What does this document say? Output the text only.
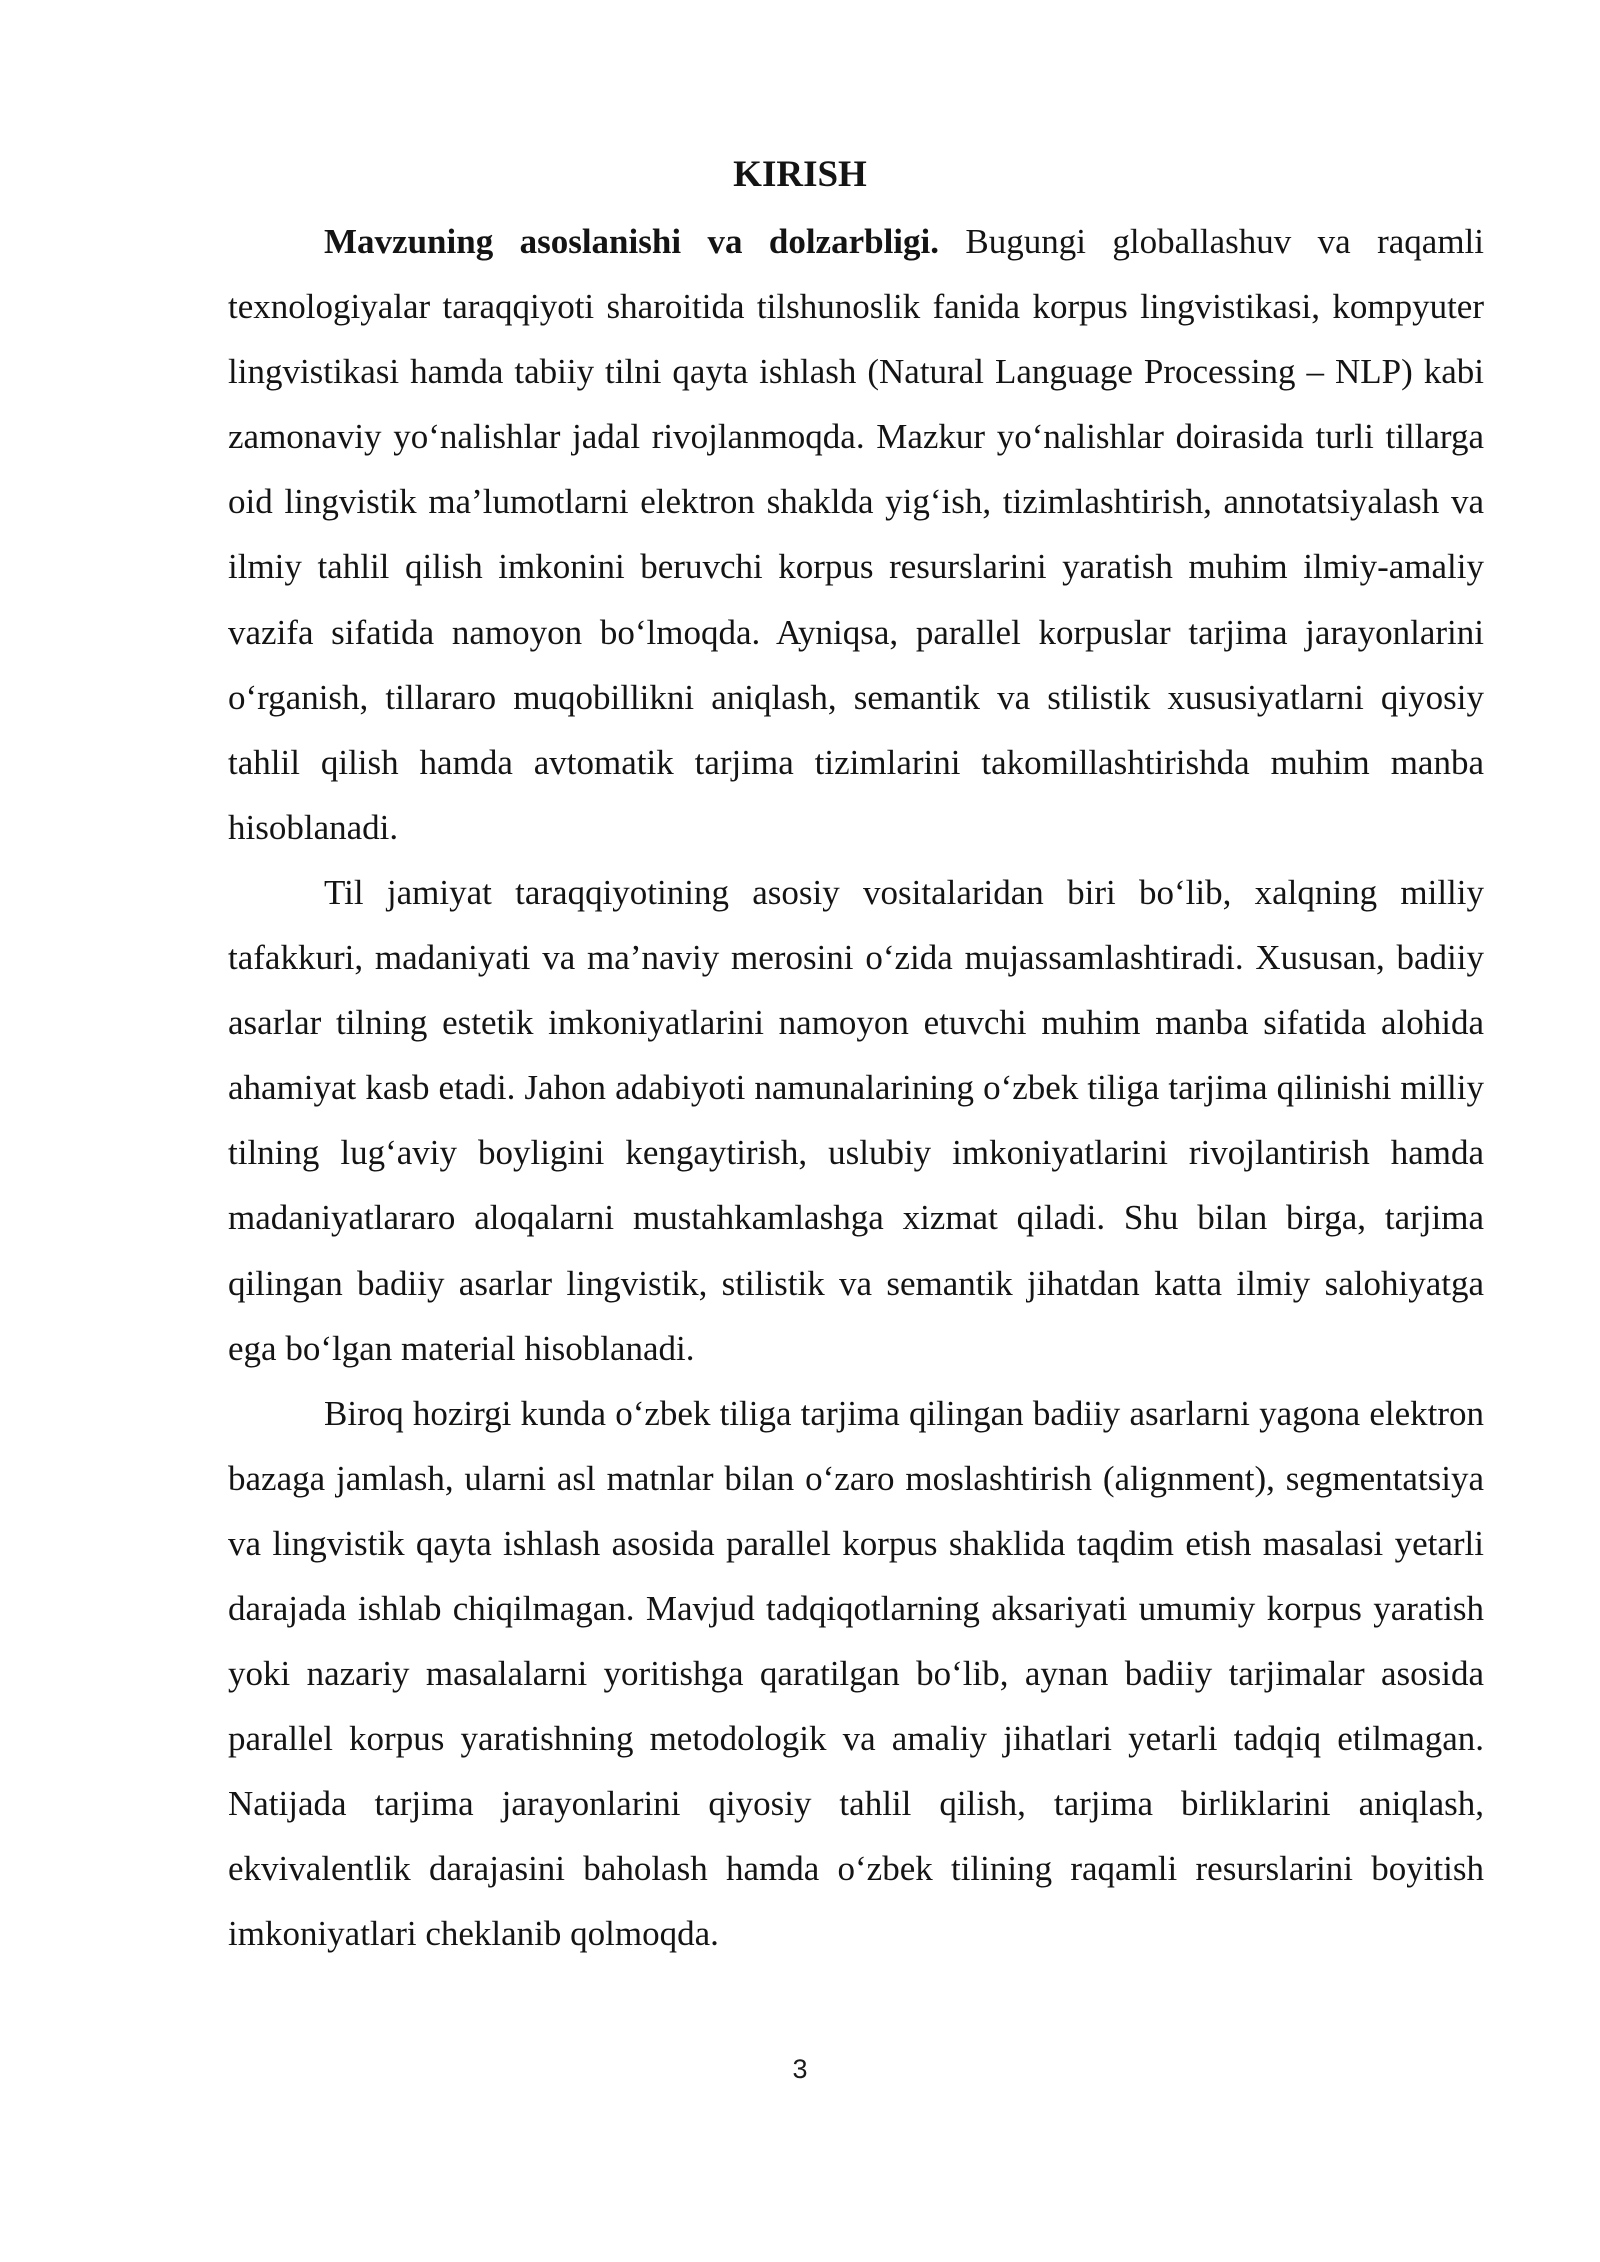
KIRISH

Mavzuning asoslanishi va dolzarbligi. Bugungi globallashuv va raqamli texnologiyalar taraqqiyoti sharoitida tilshunoslik fanida korpus lingvistikasi, kompyuter lingvistikasi hamda tabiiy tilni qayta ishlash (Natural Language Processing – NLP) kabi zamonaviy yo‘nalishlar jadal rivojlanmoqda. Mazkur yo‘nalishlar doirasida turli tillarga oid lingvistik ma’lumotlarni elektron shaklda yig‘ish, tizimlashtirish, annotatsiyalash va ilmiy tahlil qilish imkonini beruvchi korpus resurslarini yaratish muhim ilmiy-amaliy vazifa sifatida namoyon bo‘lmoqda. Ayniqsa, parallel korpuslar tarjima jarayonlarini o‘rganish, tillararo muqobillikni aniqlash, semantik va stilistik xususiyatlarni qiyosiy tahlil qilish hamda avtomatik tarjima tizimlarini takomillashtirishda muhim manba hisoblanadi.

Til jamiyat taraqqiyotining asosiy vositalaridan biri bo‘lib, xalqning milliy tafakkuri, madaniyati va ma’naviy merosini o‘zida mujassamlashtiradi. Xususan, badiiy asarlar tilning estetik imkoniyatlarini namoyon etuvchi muhim manba sifatida alohida ahamiyat kasb etadi. Jahon adabiyoti namunalarining o‘zbek tiliga tarjima qilinishi milliy tilning lug‘aviy boyligini kengaytirish, uslubiy imkoniyatlarini rivojlantirish hamda madaniyatlararo aloqalarni mustahkamlashga xizmat qiladi. Shu bilan birga, tarjima qilingan badiiy asarlar lingvistik, stilistik va semantik jihatdan katta ilmiy salohiyatga ega bo‘lgan material hisoblanadi.

Biroq hozirgi kunda o‘zbek tiliga tarjima qilingan badiiy asarlarni yagona elektron bazaga jamlash, ularni asl matnlar bilan o‘zaro moslashtirish (alignment), segmentatsiya va lingvistik qayta ishlash asosida parallel korpus shaklida taqdim etish masalasi yetarli darajada ishlab chiqilmagan. Mavjud tadqiqotlarning aksariyati umumiy korpus yaratish yoki nazariy masalalarni yoritishga qaratilgan bo‘lib, aynan badiiy tarjimalar asosida parallel korpus yaratishning metodologik va amaliy jihatlari yetarli tadqiq etilmagan. Natijada tarjima jarayonlarini qiyosiy tahlil qilish, tarjima birliklarini aniqlash, ekvivalentlik darajasini baholash hamda o‘zbek tilining raqamli resurslarini boyitish imkoniyatlari cheklanib qolmoqda.

3
